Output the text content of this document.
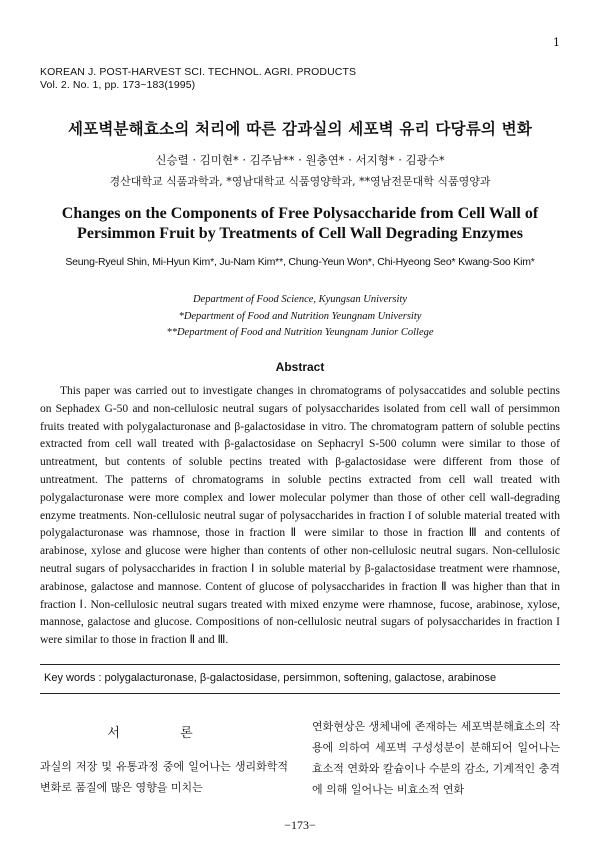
1
KOREAN J. POST-HARVEST SCI. TECHNOL. AGRI. PRODUCTS
Vol. 2. No. 1, pp. 173~183(1995)
세포벽분해효소의 처리에 따른 감과실의 세포벽 유리 다당류의 변화
신승렬 · 김미현* · 김주남** · 원충연* · 서지형* · 김광수*
경산대학교 식품과학과, *영남대학교 식품영양학과, **영남전문대학 식품영양과
Changes on the Components of Free Polysaccharide from Cell Wall of
Persimmon Fruit by Treatments of Cell Wall Degrading Enzymes
Seung-Ryeul Shin, Mi-Hyun Kim*, Ju-Nam Kim**, Chung-Yeun Won*, Chi-Hyeong Seo* Kwang-Soo Kim*
Department of Food Science, Kyungsan University
*Department of Food and Nutrition Yeungnam University
**Department of Food and Nutrition Yeungnam Junior College
Abstract

This paper was carried out to investigate changes in chromatograms of polysaccatides and soluble pectins on Sephadex G-50 and non-cellulosic neutral sugars of polysaccharides isolated from cell wall of persimmon fruits treated with polygalacturonase and β-galactosidase in vitro. The chromatogram pattern of soluble pectins extracted from cell wall treated with β-galactosidase on Sephacryl S-500 column were similar to those of untreatment, but contents of soluble pectins treated with β-galactosidase were different from those of untreatment. The patterns of chromatograms in soluble pectins extracted from cell wall treated with polygalacturonase were more complex and lower molecular polymer than those of other cell wall-degrading enzyme treatments. Non-cellulosic neutral sugar of polysaccharides in fraction I of soluble material treated with polygalacturonase was rhamnose, those in fraction Ⅱ were similar to those in fraction Ⅲ and contents of arabinose, xylose and glucose were higher than contents of other non-cellulosic neutral sugars. Non-cellulosic neutral sugars of polysaccharides in fraction Ⅰ in soluble material by β-galactosidase treatment were rhamnose, arabinose, galactose and mannose. Content of glucose of polysaccharides in fraction Ⅱ was higher than that in fraction Ⅰ. Non-cellulosic neutral sugars treated with mixed enzyme were rhamnose, fucose, arabinose, xylose, mannose, galactose and glucose. Compositions of non-cellulosic neutral sugars of polysaccharides in fraction I were similar to those in fraction Ⅱ and Ⅲ.

Key words : polygalacturonase, β-galactosidase, persimmon, softening, galactose, arabinose
서 론

과실의 저장 및 유통과정 중에 일어나는 생리화학적 변화로 품질에 많은 영향을 미치는

연화현상은 생체내에 존재하는 세포벽분해효소의 작용에 의하여 세포벽 구성성분이 분해되어 일어나는 효소적 연화와 칼슘이나 수분의 감소, 기계적인 충격에 의해 일어나는 비효소적 연화

−173−
